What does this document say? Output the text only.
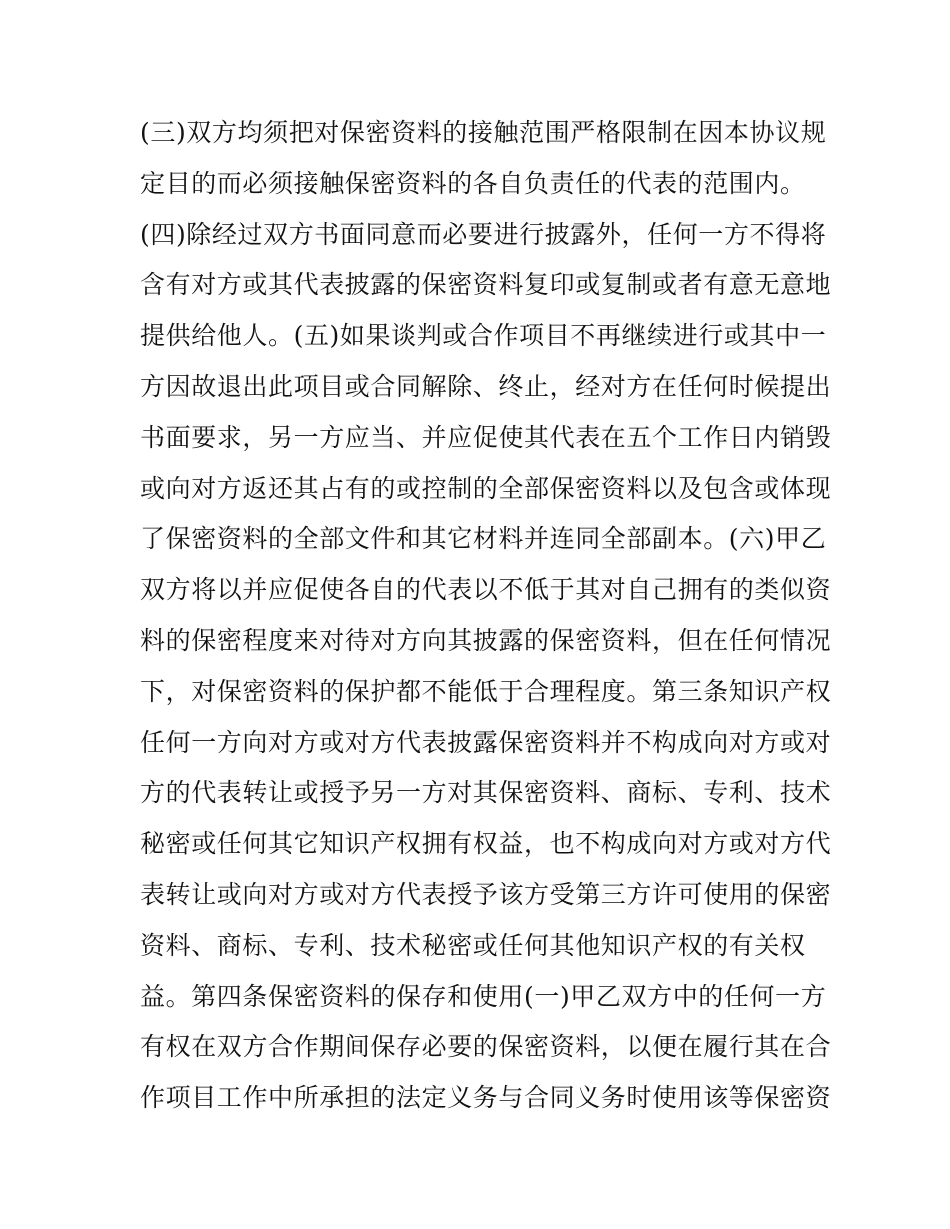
(三)双方均须把对保密资料的接触范围严格限制在因本协议规
定目的而必须接触保密资料的各自负责任的代表的范围内。
(四)除经过双方书面同意而必要进行披露外，任何一方不得将
含有对方或其代表披露的保密资料复印或复制或者有意无意地
提供给他人。(五)如果谈判或合作项目不再继续进行或其中一
方因故退出此项目或合同解除、终止，经对方在任何时候提出
书面要求，另一方应当、并应促使其代表在五个工作日内销毁
或向对方返还其占有的或控制的全部保密资料以及包含或体现
了保密资料的全部文件和其它材料并连同全部副本。(六)甲乙
双方将以并应促使各自的代表以不低于其对自己拥有的类似资
料的保密程度来对待对方向其披露的保密资料，但在任何情况
下，对保密资料的保护都不能低于合理程度。第三条知识产权
任何一方向对方或对方代表披露保密资料并不构成向对方或对
方的代表转让或授予另一方对其保密资料、商标、专利、技术
秘密或任何其它知识产权拥有权益，也不构成向对方或对方代
表转让或向对方或对方代表授予该方受第三方许可使用的保密
资料、商标、专利、技术秘密或任何其他知识产权的有关权
益。第四条保密资料的保存和使用(一)甲乙双方中的任何一方
有权在双方合作期间保存必要的保密资料，以便在履行其在合
作项目工作中所承担的法定义务与合同义务时使用该等保密资
